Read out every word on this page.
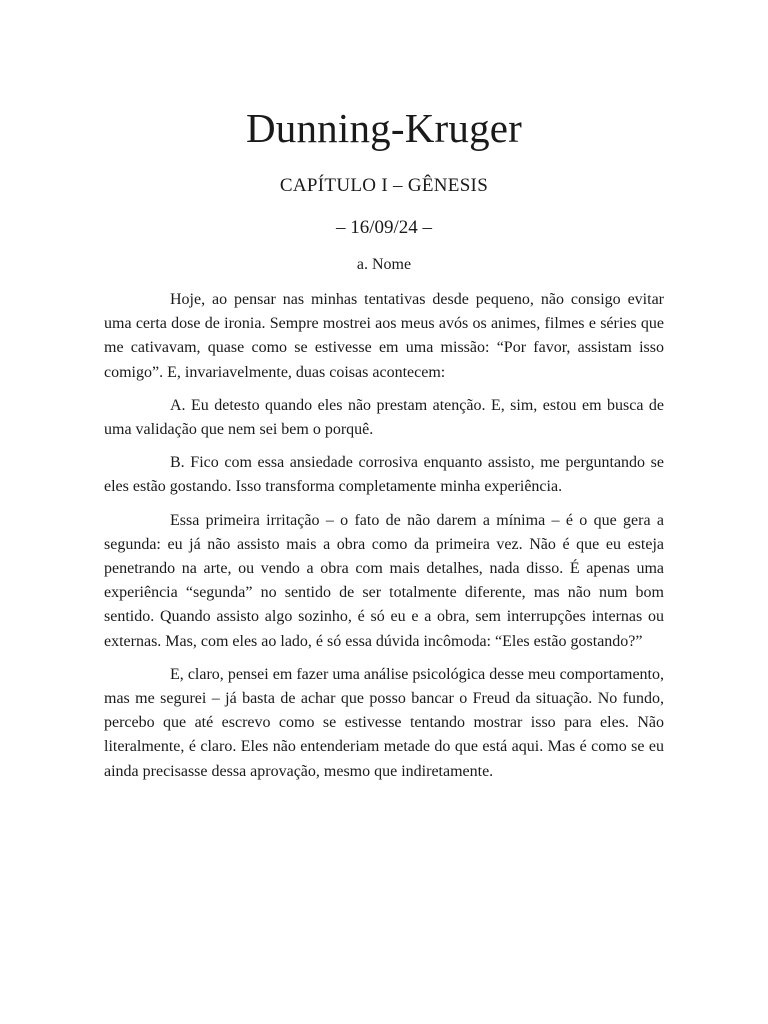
Dunning-Kruger
CAPÍTULO I – GÊNESIS
– 16/09/24 –
a. Nome

Hoje, ao pensar nas minhas tentativas desde pequeno, não consigo evitar uma certa dose de ironia. Sempre mostrei aos meus avós os animes, filmes e séries que me cativavam, quase como se estivesse em uma missão: “Por favor, assistam isso comigo”. E, invariavelmente, duas coisas acontecem:

A. Eu detesto quando eles não prestam atenção. E, sim, estou em busca de uma validação que nem sei bem o porquê.

B. Fico com essa ansiedade corrosiva enquanto assisto, me perguntando se eles estão gostando. Isso transforma completamente minha experiência.

Essa primeira irritação – o fato de não darem a mínima – é o que gera a segunda: eu já não assisto mais a obra como da primeira vez. Não é que eu esteja penetrando na arte, ou vendo a obra com mais detalhes, nada disso. É apenas uma experiência “segunda” no sentido de ser totalmente diferente, mas não num bom sentido. Quando assisto algo sozinho, é só eu e a obra, sem interrupções internas ou externas. Mas, com eles ao lado, é só essa dúvida incômoda: “Eles estão gostando?”

E, claro, pensei em fazer uma análise psicológica desse meu comportamento, mas me segurei – já basta de achar que posso bancar o Freud da situação. No fundo, percebo que até escrevo como se estivesse tentando mostrar isso para eles. Não literalmente, é claro. Eles não entenderiam metade do que está aqui. Mas é como se eu ainda precisasse dessa aprovação, mesmo que indiretamente.
